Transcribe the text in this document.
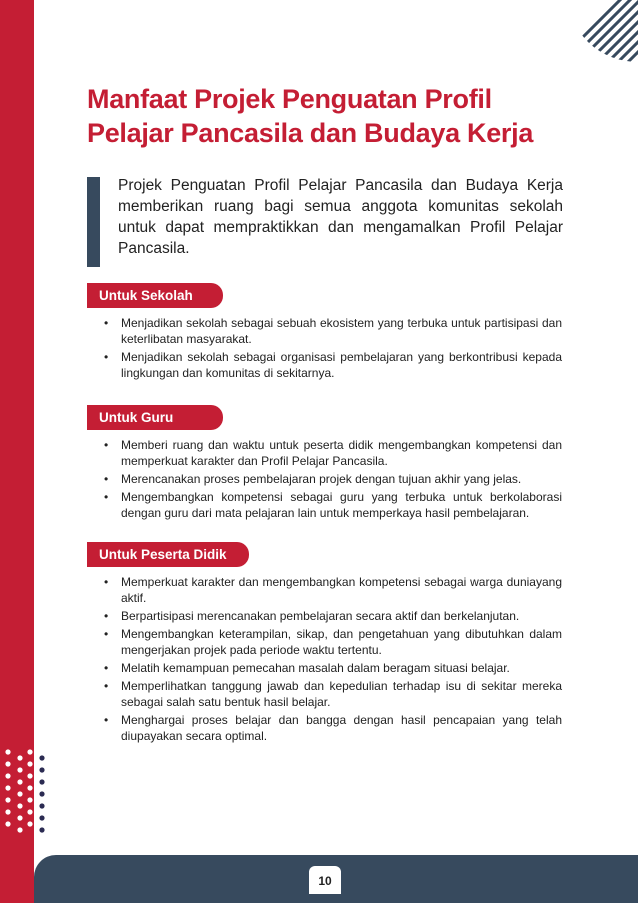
Manfaat Projek Penguatan Profil
Pelajar Pancasila dan Budaya Kerja
Projek Penguatan Profil Pelajar Pancasila dan Budaya Kerja memberikan ruang bagi semua anggota komunitas sekolah untuk dapat mempraktikkan dan mengamalkan Profil Pelajar Pancasila.
Untuk Sekolah
• Menjadikan sekolah sebagai sebuah ekosistem yang terbuka untuk partisipasi dan keterlibatan masyarakat.
• Menjadikan sekolah sebagai organisasi pembelajaran yang berkontribusi kepada lingkungan dan komunitas di sekitarnya.
Untuk Guru
• Memberi ruang dan waktu untuk peserta didik mengembangkan kompetensi dan memperkuat karakter dan Profil Pelajar Pancasila.
• Merencanakan proses pembelajaran projek dengan tujuan akhir yang jelas.
• Mengembangkan kompetensi sebagai guru yang terbuka untuk berkolaborasi dengan guru dari mata pelajaran lain untuk memperkaya hasil pembelajaran.
Untuk Peserta Didik
• Memperkuat karakter dan mengembangkan kompetensi sebagai warga duniayang aktif.
• Berpartisipasi merencanakan pembelajaran secara aktif dan berkelanjutan.
• Mengembangkan keterampilan, sikap, dan pengetahuan yang dibutuhkan dalam mengerjakan projek pada periode waktu tertentu.
• Melatih kemampuan pemecahan masalah dalam beragam situasi belajar.
• Memperlihatkan tanggung jawab dan kepedulian terhadap isu di sekitar mereka sebagai salah satu bentuk hasil belajar.
• Menghargai proses belajar dan bangga dengan hasil pencapaian yang telah diupayakan secara optimal.
10
